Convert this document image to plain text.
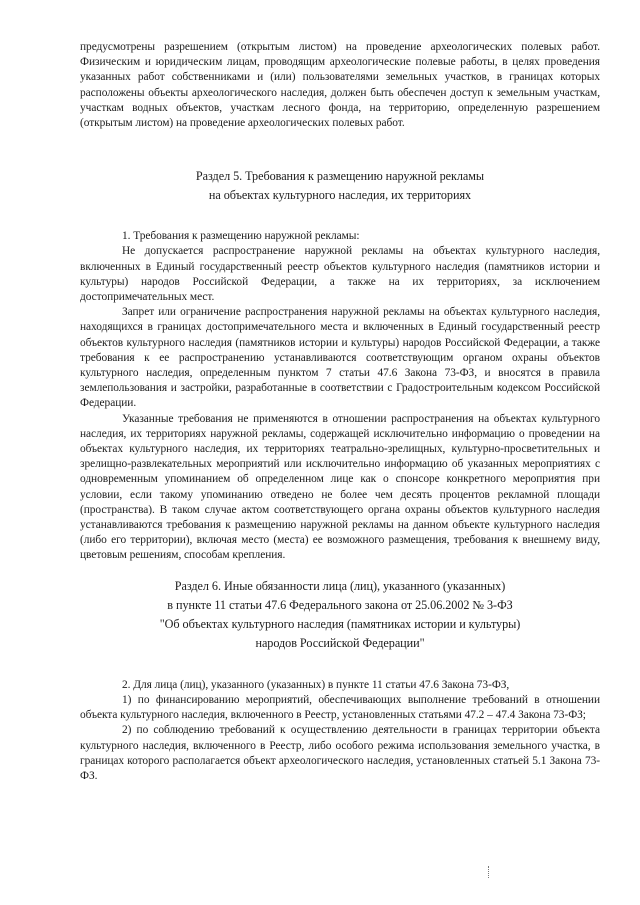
предусмотрены разрешением (открытым листом) на проведение археологических полевых работ. Физическим и юридическим лицам, проводящим археологические полевые работы, в целях проведения указанных работ собственниками и (или) пользователями земельных участков, в границах которых расположены объекты археологического наследия, должен быть обеспечен доступ к земельным участкам, участкам водных объектов, участкам лесного фонда, на территорию, определенную разрешением (открытым листом) на проведение археологических полевых работ.

Раздел 5. Требования к размещению наружной рекламы

на объектах культурного наследия, их территориях

1. Требования к размещению наружной рекламы:

Не допускается распространение наружной рекламы на объектах культурного наследия, включенных в Единый государственный реестр объектов культурного наследия (памятников истории и культуры) народов Российской Федерации, а также на их территориях, за исключением достопримечательных мест.

Запрет или ограничение распространения наружной рекламы на объектах культурного наследия, находящихся в границах достопримечательного места и включенных в Единый государственный реестр объектов культурного наследия (памятников истории и культуры) народов Российской Федерации, а также требования к ее распространению устанавливаются соответствующим органом охраны объектов культурного наследия, определенным пунктом 7 статьи 47.6 Закона 73-ФЗ, и вносятся в правила землепользования и застройки, разработанные в соответствии с Градостроительным кодексом Российской Федерации.

Указанные требования не применяются в отношении распространения на объектах культурного наследия, их территориях наружной рекламы, содержащей исключительно информацию о проведении на объектах культурного наследия, их территориях театрально-зрелищных, культурно-просветительных и зрелищно-развлекательных мероприятий или исключительно информацию об указанных мероприятиях с одновременным упоминанием об определенном лице как о спонсоре конкретного мероприятия при условии, если такому упоминанию отведено не более чем десять процентов рекламной площади (пространства). В таком случае актом соответствующего органа охраны объектов культурного наследия устанавливаются требования к размещению наружной рекламы на данном объекте культурного наследия (либо его территории), включая место (места) ее возможного размещения, требования к внешнему виду, цветовым решениям, способам крепления.

Раздел 6. Иные обязанности лица (лиц), указанного (указанных)

в пункте 11 статьи 47.6 Федерального закона от 25.06.2002 № 3-ФЗ

"Об объектах культурного наследия (памятниках истории и культуры)

народов Российской Федерации"

2. Для лица (лиц), указанного (указанных) в пункте 11 статьи 47.6 Закона 73-ФЗ,

1) по финансированию мероприятий, обеспечивающих выполнение требований в отношении объекта культурного наследия, включенного в Реестр, установленных статьями 47.2 – 47.4 Закона 73-ФЗ;

2) по соблюдению требований к осуществлению деятельности в границах территории объекта культурного наследия, включенного в Реестр, либо особого режима использования земельного участка, в границах которого располагается объект археологического наследия, установленных статьей 5.1 Закона 73-ФЗ.
